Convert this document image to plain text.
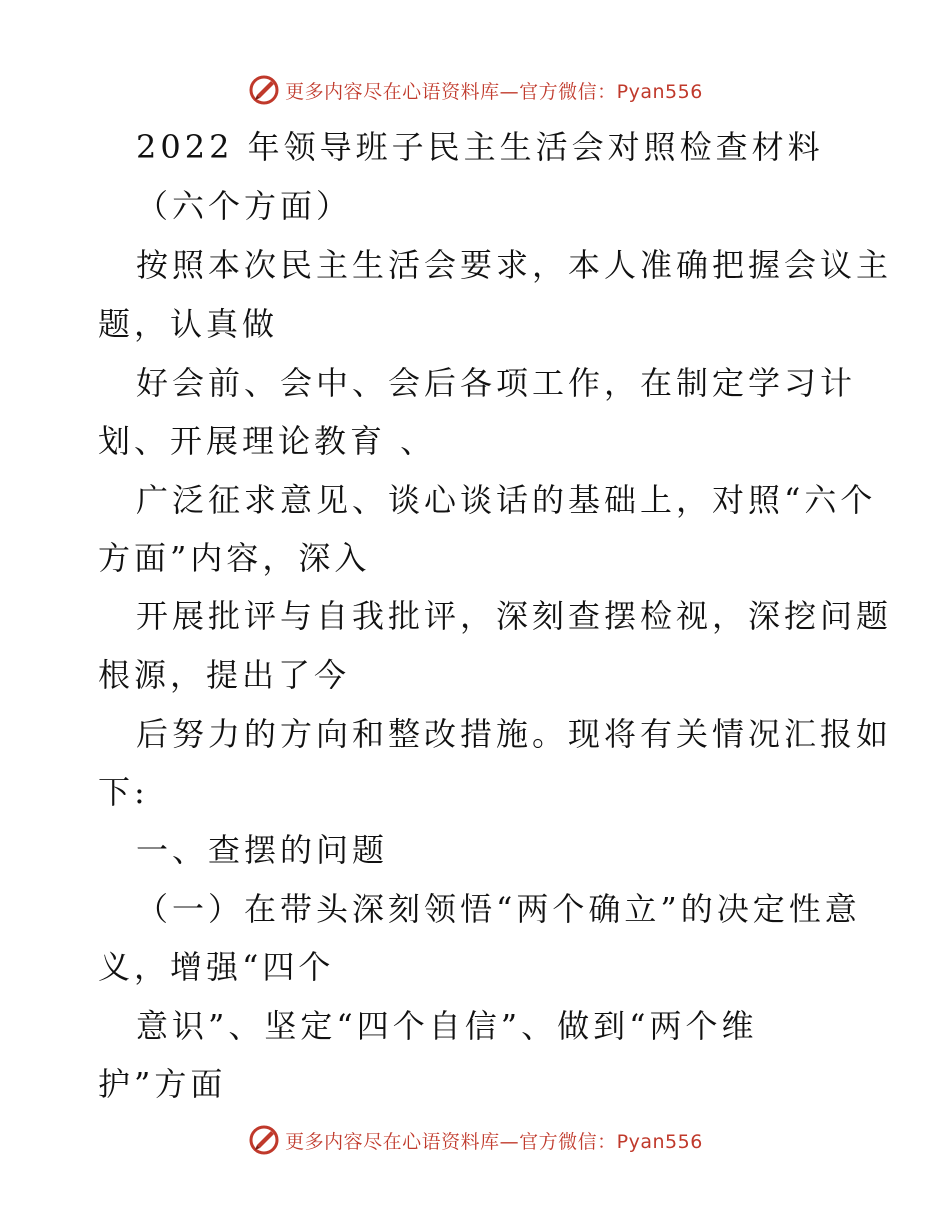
更多内容尽在心语资料库—官方微信：Pyan556
2022 年领导班子民主生活会对照检查材料
（六个方面）
按照本次民主生活会要求，本人准确把握会议主
题，认真做
好会前、会中、会后各项工作，在制定学习计
划、开展理论教育 、
广泛征求意见、谈心谈话的基础上，对照“六个
方面”内容，深入
开展批评与自我批评，深刻查摆检视，深挖问题
根源，提出了今
后努力的方向和整改措施。现将有关情况汇报如
下:
一、查摆的问题
（一）在带头深刻领悟“两个确立”的决定性意
义，增强“四个
意识”、坚定“四个自信”、做到“两个维
护”方面
更多内容尽在心语资料库—官方微信：Pyan556
